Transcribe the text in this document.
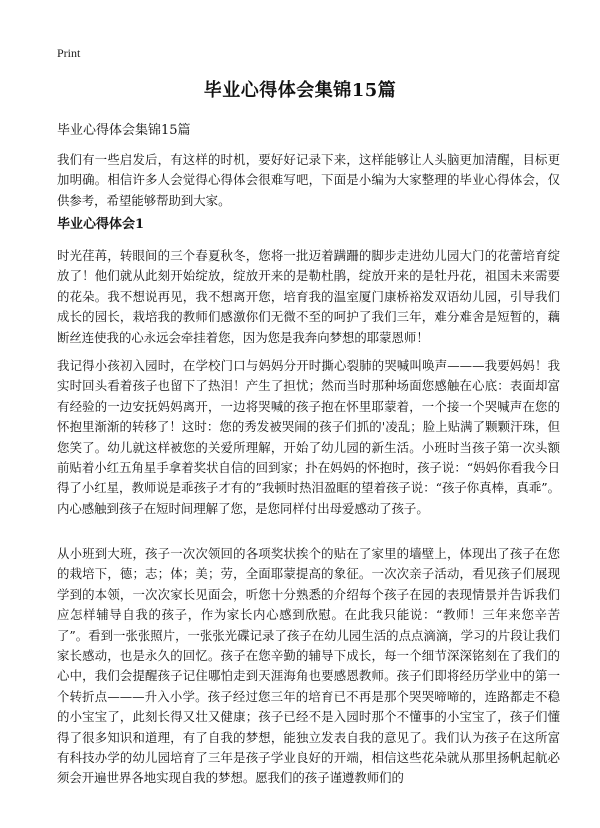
Print
毕业心得体会集锦15篇

毕业心得体会集锦15篇

我们有一些启发后，有这样的时机，要好好记录下来，这样能够让人头脑更加清醒，目标更加明确。相信许多人会觉得心得体会很难写吧，下面是小编为大家整理的毕业心得体会，仅供参考，希望能够帮助到大家。

毕业心得体会1

时光荏苒，转眼间的三个春夏秋冬，您将一批迈着蹒跚的脚步走进幼儿园大门的花蕾培育绽放了！他们就从此刻开始绽放，绽放开来的是勒杜鹃，绽放开来的是牡丹花，祖国未来需要的花朵。我不想说再见，我不想离开您，培育我的温室厦门康桥裕发双语幼儿园，引导我们成长的园长，栽培我的教师们感激你们无微不至的呵护了我们三年，难分难舍是短暂的，藕断丝连使我的心永远会牵挂着您，因为您是我奔向梦想的耶蒙恩师！

我记得小孩初入园时，在学校门口与妈妈分开时撕心裂肺的哭喊叫唤声———我要妈妈！我实时回头看着孩子也留下了热泪！产生了担忧；然而当时那种场面您感触在心底：表面却富有经验的一边安抚妈妈离开，一边将哭喊的孩子抱在怀里耶蒙着，一个接一个哭喊声在您的怀抱里渐渐的转移了！这时：您的秀发被哭闹的孩子们抓的'凌乱；脸上贴满了颗颗汗珠，但您笑了。幼儿就这样被您的关爱所理解，开始了幼儿园的新生活。小班时当孩子第一次头额前贴着小红五角星手拿着奖状自信的回到家；扑在妈妈的怀抱时，孩子说：“妈妈你看我今日得了小红星，教师说是乖孩子才有的”我顿时热泪盈眶的望着孩子说：“孩子你真棒，真乖”。内心感触到孩子在短时间理解了您，是您同样付出母爱感动了孩子。

从小班到大班，孩子一次次领回的各项奖状挨个的贴在了家里的墙壁上，体现出了孩子在您的栽培下，德；志；体；美；劳，全面耶蒙提高的象征。一次次亲子活动，看见孩子们展现学到的本领，一次次家长见面会，听您十分熟悉的介绍每个孩子在园的表现情景并告诉我们应怎样辅导自我的孩子，作为家长内心感到欣慰。在此我只能说：“教师！三年来您辛苦了”。看到一张张照片，一张张光碟记录了孩子在幼儿园生活的点点滴滴，学习的片段让我们家长感动，也是永久的回忆。孩子在您辛勤的辅导下成长，每一个细节深深铭刻在了我们的心中，我们会提醒孩子记住哪怕走到天涯海角也要感恩教师。孩子们即将经历学业中的第一个转折点———升入小学。孩子经过您三年的培育已不再是那个哭哭啼啼的，连路都走不稳的小宝宝了，此刻长得又壮又健康；孩子已经不是入园时那个不懂事的小宝宝了，孩子们懂得了很多知识和道理，有了自我的梦想，能独立发表自我的意见了。我们认为孩子在这所富有科技办学的幼儿园培育了三年是孩子学业良好的开端，相信这些花朵就从那里扬帆起航必须会开遍世界各地实现自我的梦想。愿我们的孩子谨遵教师们的
